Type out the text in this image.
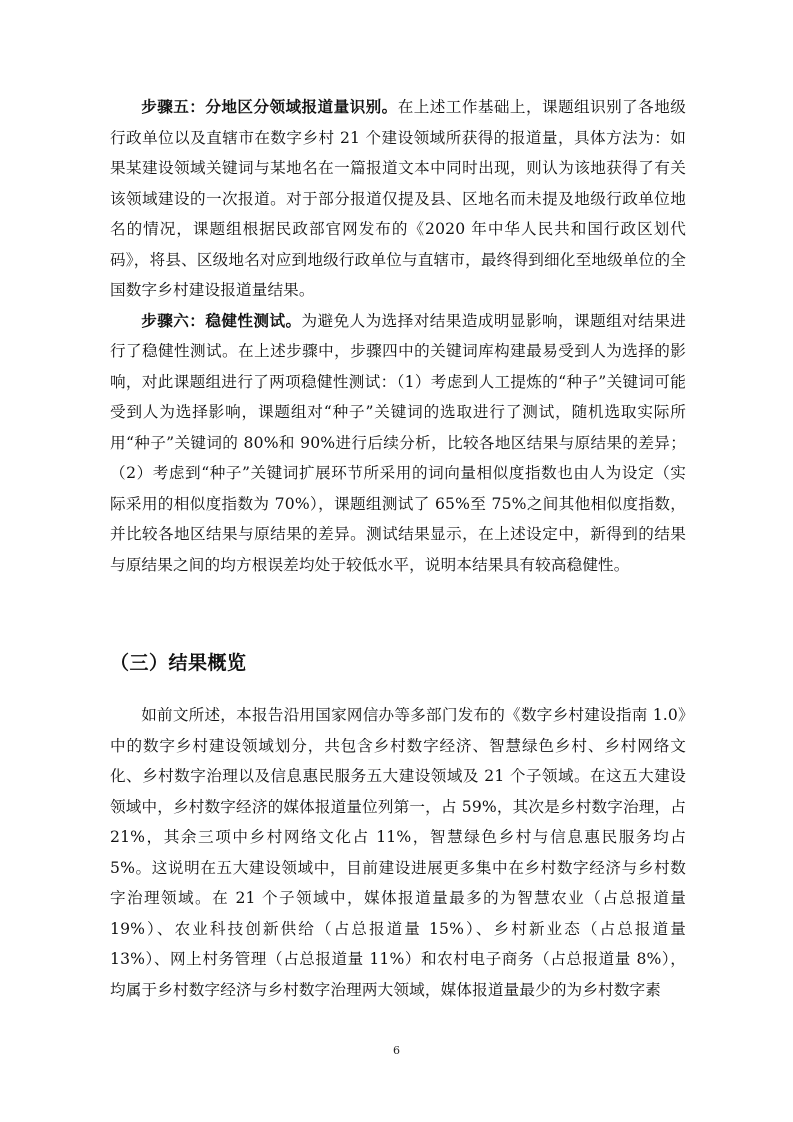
步骤五：分地区分领域报道量识别。在上述工作基础上，课题组识别了各地级行政单位以及直辖市在数字乡村 21 个建设领域所获得的报道量，具体方法为：如果某建设领域关键词与某地名在一篇报道文本中同时出现，则认为该地获得了有关该领域建设的一次报道。对于部分报道仅提及县、区地名而未提及地级行政单位地名的情况，课题组根据民政部官网发布的《2020 年中华人民共和国行政区划代码》，将县、区级地名对应到地级行政单位与直辖市，最终得到细化至地级单位的全国数字乡村建设报道量结果。

步骤六：稳健性测试。为避免人为选择对结果造成明显影响，课题组对结果进行了稳健性测试。在上述步骤中，步骤四中的关键词库构建最易受到人为选择的影响，对此课题组进行了两项稳健性测试：（1）考虑到人工提炼的“种子”关键词可能受到人为选择影响，课题组对“种子”关键词的选取进行了测试，随机选取实际所用“种子”关键词的 80%和 90%进行后续分析，比较各地区结果与原结果的差异；（2）考虑到“种子”关键词扩展环节所采用的词向量相似度指数也由人为设定（实际采用的相似度指数为 70%），课题组测试了 65%至 75%之间其他相似度指数，并比较各地区结果与原结果的差异。测试结果显示，在上述设定中，新得到的结果与原结果之间的均方根误差均处于较低水平，说明本结果具有较高稳健性。

（三）结果概览

如前文所述，本报告沿用国家网信办等多部门发布的《数字乡村建设指南 1.0》中的数字乡村建设领域划分，共包含乡村数字经济、智慧绿色乡村、乡村网络文化、乡村数字治理以及信息惠民服务五大建设领域及 21 个子领域。在这五大建设领域中，乡村数字经济的媒体报道量位列第一，占 59%，其次是乡村数字治理，占 21%，其余三项中乡村网络文化占 11%，智慧绿色乡村与信息惠民服务均占 5%。这说明在五大建设领域中，目前建设进展更多集中在乡村数字经济与乡村数字治理领域。在 21 个子领域中，媒体报道量最多的为智慧农业（占总报道量 19%）、农业科技创新供给（占总报道量 15%）、乡村新业态（占总报道量 13%）、网上村务管理（占总报道量 11%）和农村电子商务（占总报道量 8%），均属于乡村数字经济与乡村数字治理两大领域，媒体报道量最少的为乡村数字素

6
